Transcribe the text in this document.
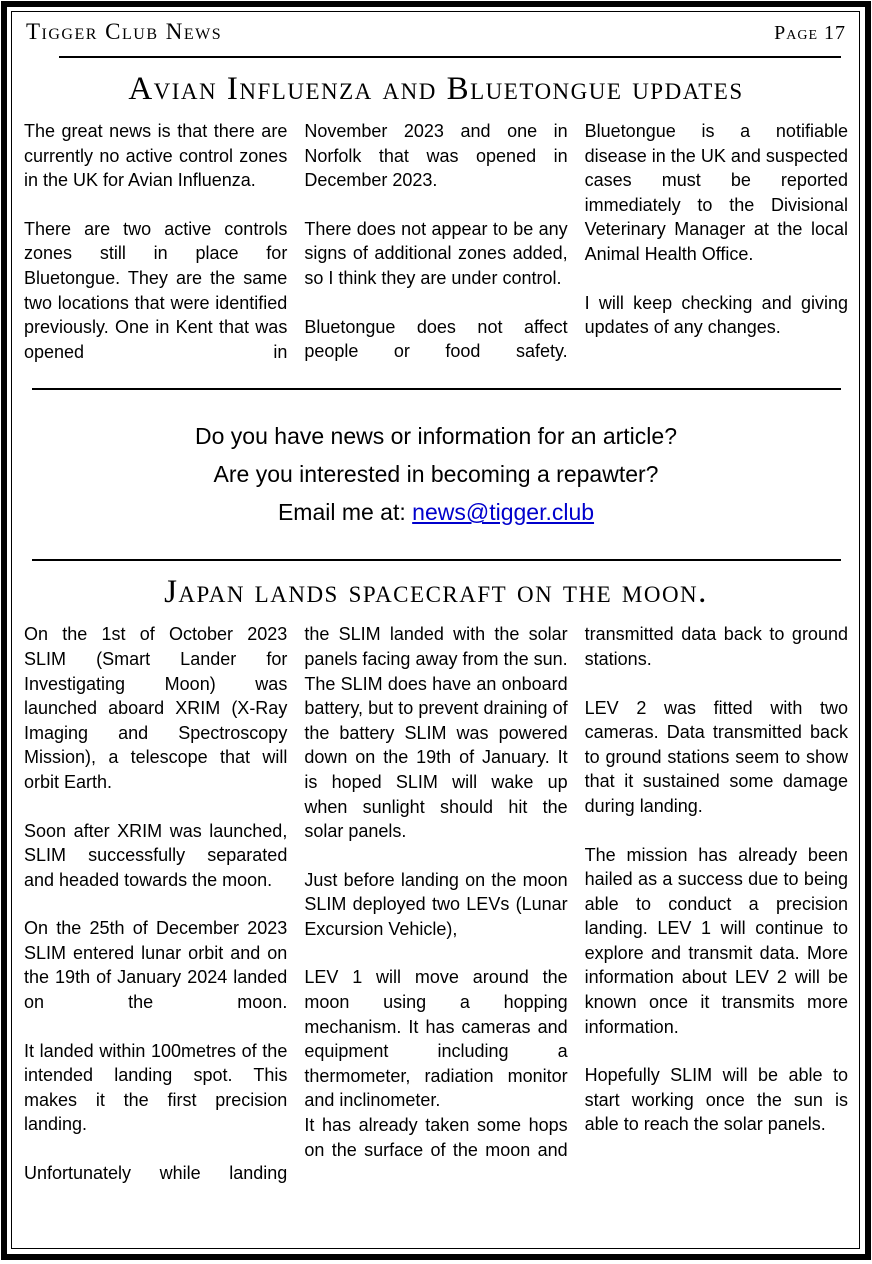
Tigger Club News	Page 17
Avian Influenza and Bluetongue updates

The great news is that there are currently no active control zones in the UK for Avian Influenza.

There are two active controls zones still in place for Bluetongue. They are the same two locations that were identified previously. One in Kent that was opened in

November 2023 and one in Norfolk that was opened in December 2023.

There does not appear to be any signs of additional zones added, so I think they are under control.

Bluetongue does not affect people or food safety.

Bluetongue is a notifiable disease in the UK and suspected cases must be reported immediately to the Divisional Veterinary Manager at the local Animal Health Office.

I will keep checking and giving updates of any changes.

Do you have news or information for an article?
Are you interested in becoming a repawter?
Email me at: news@tigger.club
Japan lands spacecraft on the moon.

On the 1st of October 2023 SLIM (Smart Lander for Investigating Moon) was launched aboard XRIM (X-Ray Imaging and Spectroscopy Mission), a telescope that will orbit Earth.

Soon after XRIM was launched, SLIM successfully separated and headed towards the moon.

On the 25th of December 2023 SLIM entered lunar orbit and on the 19th of January 2024 landed on the moon.

It landed within 100metres of the intended landing spot. This makes it the first precision landing.

Unfortunately while landing

the SLIM landed with the solar panels facing away from the sun. The SLIM does have an onboard battery, but to prevent draining of the battery SLIM was powered down on the 19th of January. It is hoped SLIM will wake up when sunlight should hit the solar panels.

Just before landing on the moon SLIM deployed two LEVs (Lunar Excursion Vehicle),

LEV 1 will move around the moon using a hopping mechanism. It has cameras and equipment including a thermometer, radiation monitor and inclinometer.

It has already taken some hops on the surface of the moon and

transmitted data back to ground stations.

LEV 2 was fitted with two cameras. Data transmitted back to ground stations seem to show that it sustained some damage during landing.

The mission has already been hailed as a success due to being able to conduct a precision landing. LEV 1 will continue to explore and transmit data. More information about LEV 2 will be known once it transmits more information.

Hopefully SLIM will be able to start working once the sun is able to reach the solar panels.
